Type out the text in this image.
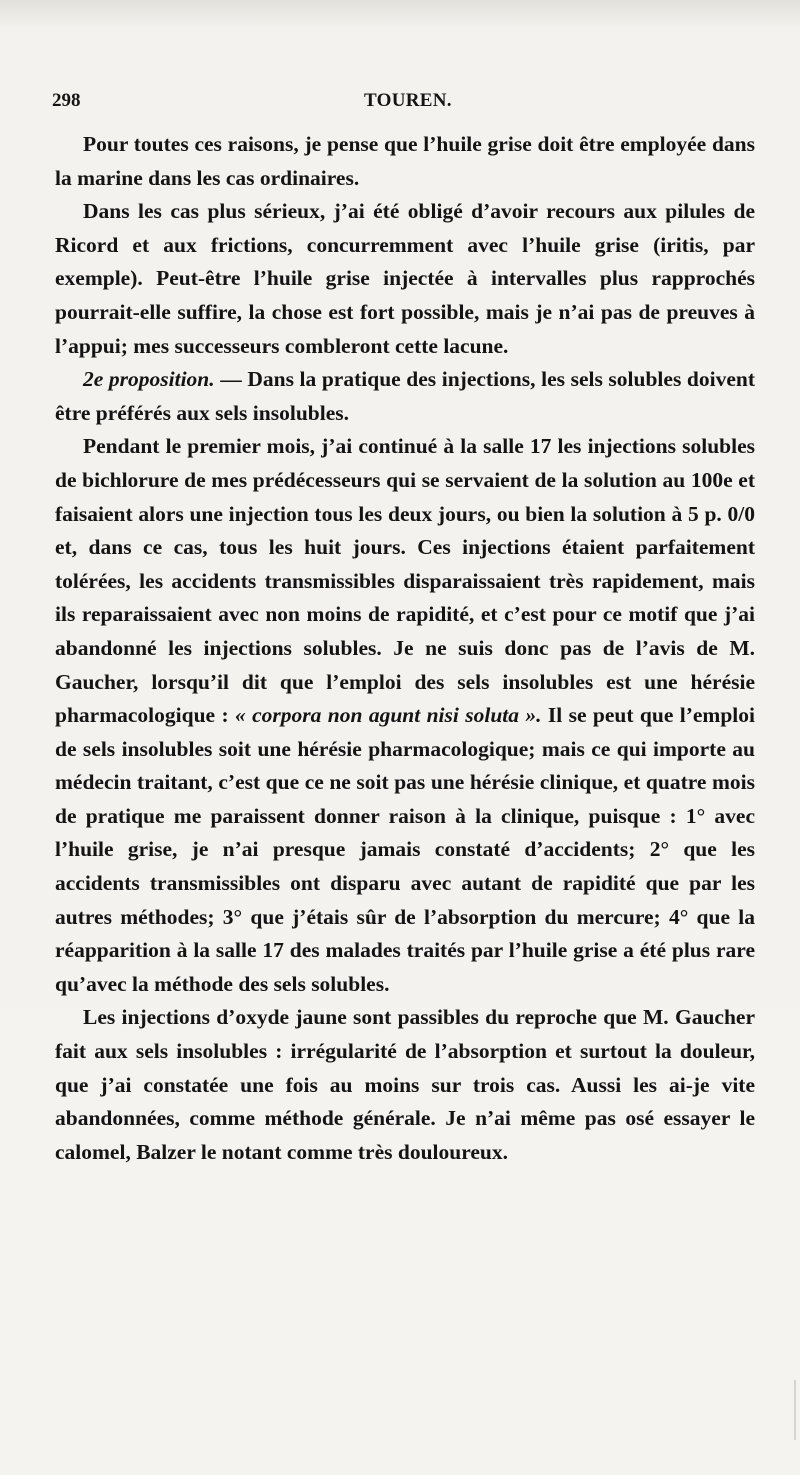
298	TOUREN.

Pour toutes ces raisons, je pense que l’huile grise doit être employée dans la marine dans les cas ordinaires.

Dans les cas plus sérieux, j’ai été obligé d’avoir recours aux pilules de Ricord et aux frictions, concurremment avec l’huile grise (iritis, par exemple). Peut-être l’huile grise injectée à intervalles plus rapprochés pourrait-elle suffire, la chose est fort possible, mais je n’ai pas de preuves à l’appui; mes successeurs combleront cette lacune.

2e proposition. — Dans la pratique des injections, les sels solubles doivent être préférés aux sels insolubles.

Pendant le premier mois, j’ai continué à la salle 17 les injections solubles de bichlorure de mes prédécesseurs qui se servaient de la solution au 100e et faisaient alors une injection tous les deux jours, ou bien la solution à 5 p. 0/0 et, dans ce cas, tous les huit jours. Ces injections étaient parfaitement tolérées, les accidents transmissibles disparaissaient très rapidement, mais ils reparaissaient avec non moins de rapidité, et c’est pour ce motif que j’ai abandonné les injections solubles. Je ne suis donc pas de l’avis de M. Gaucher, lorsqu’il dit que l’emploi des sels insolubles est une hérésie pharmacologique : « corpora non agunt nisi soluta ». Il se peut que l’emploi de sels insolubles soit une hérésie pharmacologique; mais ce qui importe au médecin traitant, c’est que ce ne soit pas une hérésie clinique, et quatre mois de pratique me paraissent donner raison à la clinique, puisque : 1° avec l’huile grise, je n’ai presque jamais constaté d’accidents; 2° que les accidents transmissibles ont disparu avec autant de rapidité que par les autres méthodes; 3° que j’étais sûr de l’absorption du mercure; 4° que la réapparition à la salle 17 des malades traités par l’huile grise a été plus rare qu’avec la méthode des sels solubles.

Les injections d’oxyde jaune sont passibles du reproche que M. Gaucher fait aux sels insolubles : irrégularité de l’absorption et surtout la douleur, que j’ai constatée une fois au moins sur trois cas. Aussi les ai-je vite abandonnées, comme méthode générale. Je n’ai même pas osé essayer le calomel, Balzer le notant comme très douloureux.
